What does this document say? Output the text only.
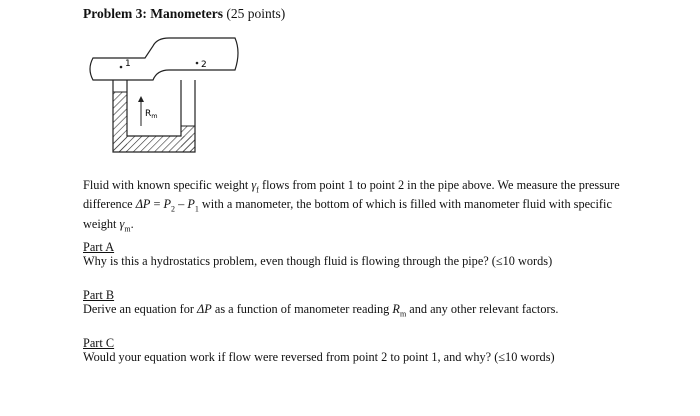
Problem 3: Manometers (25 points)
$R_m$
1	2
Fluid with known specific weight $\gamma_f$ flows from point 1 to point 2 in the pipe above. We measure the pressure difference $\Delta P = P_2 - P_1$ with a manometer, the bottom of which is filled with manometer fluid with specific weight $\gamma_m$.
Part A
Why is this a hydrostatics problem, even though fluid is flowing through the pipe? (≤10 words)
Part B
Derive an equation for ΔP as a function of manometer reading $R_m$ and any other relevant factors.
Part C
Would your equation work if flow were reversed from point 2 to point 1, and why? (≤10 words)
